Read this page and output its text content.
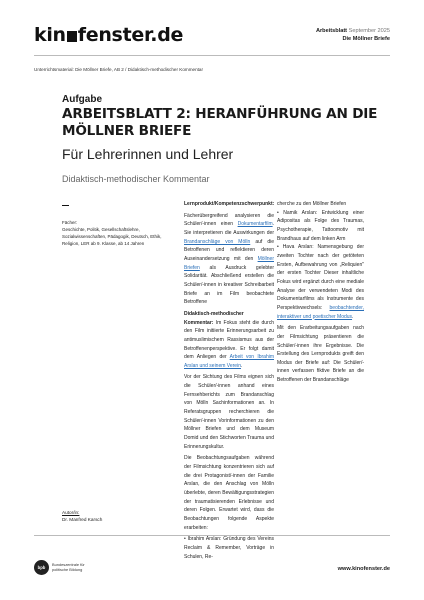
kin fenster.de	Arbeitsblatt September 2025
Die Möllner Briefe
Unterrichtsmaterial: Die Möllner Briefe, AB 2 / Didaktisch-methodischer Kommentar
Aufgabe
ARBEITSBLATT 2: HERANFÜHRUNG AN DIE
MÖLLNER BRIEFE
Für Lehrerinnen und Lehrer
Didaktisch-methodischer Kommentar
Fächer:
Geschichte, Politik, Gesellschaftslehre, Sozialwissenschaften, Pädagogik, Deutsch, Ethik, Religion, LER ab 9. Klasse, ab 14 Jahren

Lernprodukt/Kompetenzschwerpunkt:

Fächerübergreifend analysieren die Schüler/-innen einen Dokumentarfilm. Sie interpretieren die Auswirkungen der Brandanschläge von Mölln auf die Betroffenen und reflektieren deren Auseinandersetzung mit den Möllner Briefen als Ausdruck gelebter Solidarität. Abschließend erstellen die Schüler/-innen in kreativer Schreibarbeit Briefe an im Film beobachtete Betroffene

Didaktisch-methodischer Kommentar: Im Fokus steht die durch den Film initiierte Erinnerungsarbeit zu antimuslimischem Rassismus aus der Betroffenenperspektive. Er folgt damit dem Anliegen der Arbeit von Ibrahim Arslan und seinem Verein.

Vor der Sichtung des Films eignen sich die Schüler/-innen anhand eines Fernsehberichts zum Brandanschlag von Mölln Sachinformationen an. In Referatsgruppen recherchieren die Schüler/-innen Vorinformationen zu den Möllner Briefen und dem Museum Domid und den Stichworten Trauma und Erinnerungskultur.

Die Beobachtungsaufgaben während der Filmsichtung konzentrieren sich auf die drei Protagonist/-innen der Familie Arslan, die den Anschlag von Mölln überlebte, deren Bewältigungsstrategien der traumatisierenden Erlebnisse und deren Folgen. Erwartet wird, dass die Beobachtungen folgende Aspekte erarbeiten:

• Ibrahim Arslan: Gründung des Vereins Reclaim & Remember, Vorträge in Schulen, Re-

cherche zu den Möllner Briefen

• Namik Arslan: Entwicklung einer Adipositas als Folge des Traumas, Psychotherapie, Tattoomotiv mit Brandhaus auf dem linken Arm

• Hava Arslan: Namensgebung der zweiten Tochter nach der getöteten Ersten, Aufbewahrung von „Reliquien" der ersten Tochter Dieser inhaltliche Fokus wird ergänzt durch eine mediale Analyse der verwendeten Modi des Dokumentarfilms als Instrumente des Perspektivwechsels: beobachtender, interaktiver und poetischer Modus.

Mit den Erarbeitungsaufgaben nach der Filmsichtung präsentieren die Schüler/-innen ihre Ergebnisse. Die Erstellung des Lernprodukts greift den Modus der Briefe auf: Die Schüler/-innen verfassen fiktive Briefe an die Betroffenen der Brandanschläge

Autor/in:
Dr. Manfred Karsch
bpb
Bundeszentrale für
politische Bildung	www.kinofenster.de
